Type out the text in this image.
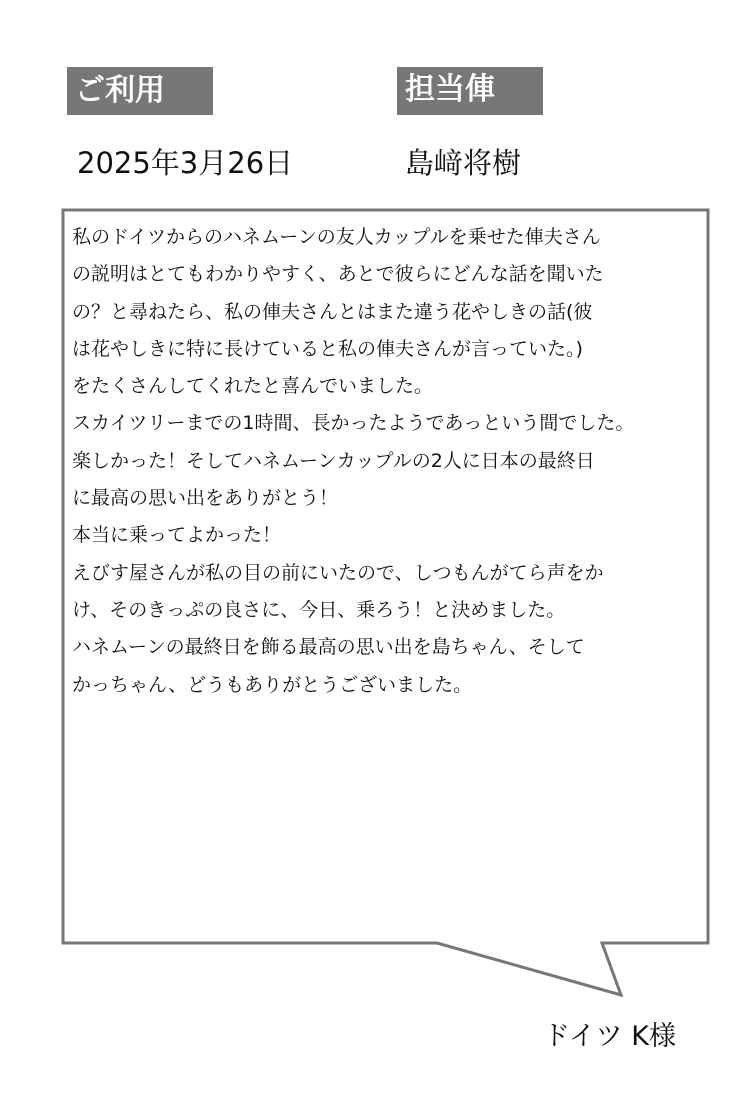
ご利用	担当俥
2025年3月26日	島﨑将樹
私のドイツからのハネムーンの友人カップルを乗せた俥夫さん
の説明はとてもわかりやすく、あとで彼らにどんな話を聞いた
の？と尋ねたら、私の俥夫さんとはまた違う花やしきの話(彼
は花やしきに特に長けていると私の俥夫さんが言っていた。)
をたくさんしてくれたと喜んでいました。
スカイツリーまでの1時間、長かったようであっという間でした。
楽しかった！そしてハネムーンカップルの2人に日本の最終日
に最高の思い出をありがとう！
本当に乗ってよかった！
えびす屋さんが私の目の前にいたので、しつもんがてら声をか
け、そのきっぷの良さに、今日、乗ろう！と決めました。
ハネムーンの最終日を飾る最高の思い出を島ちゃん、そして
かっちゃん、どうもありがとうございました。
ドイツ K様
